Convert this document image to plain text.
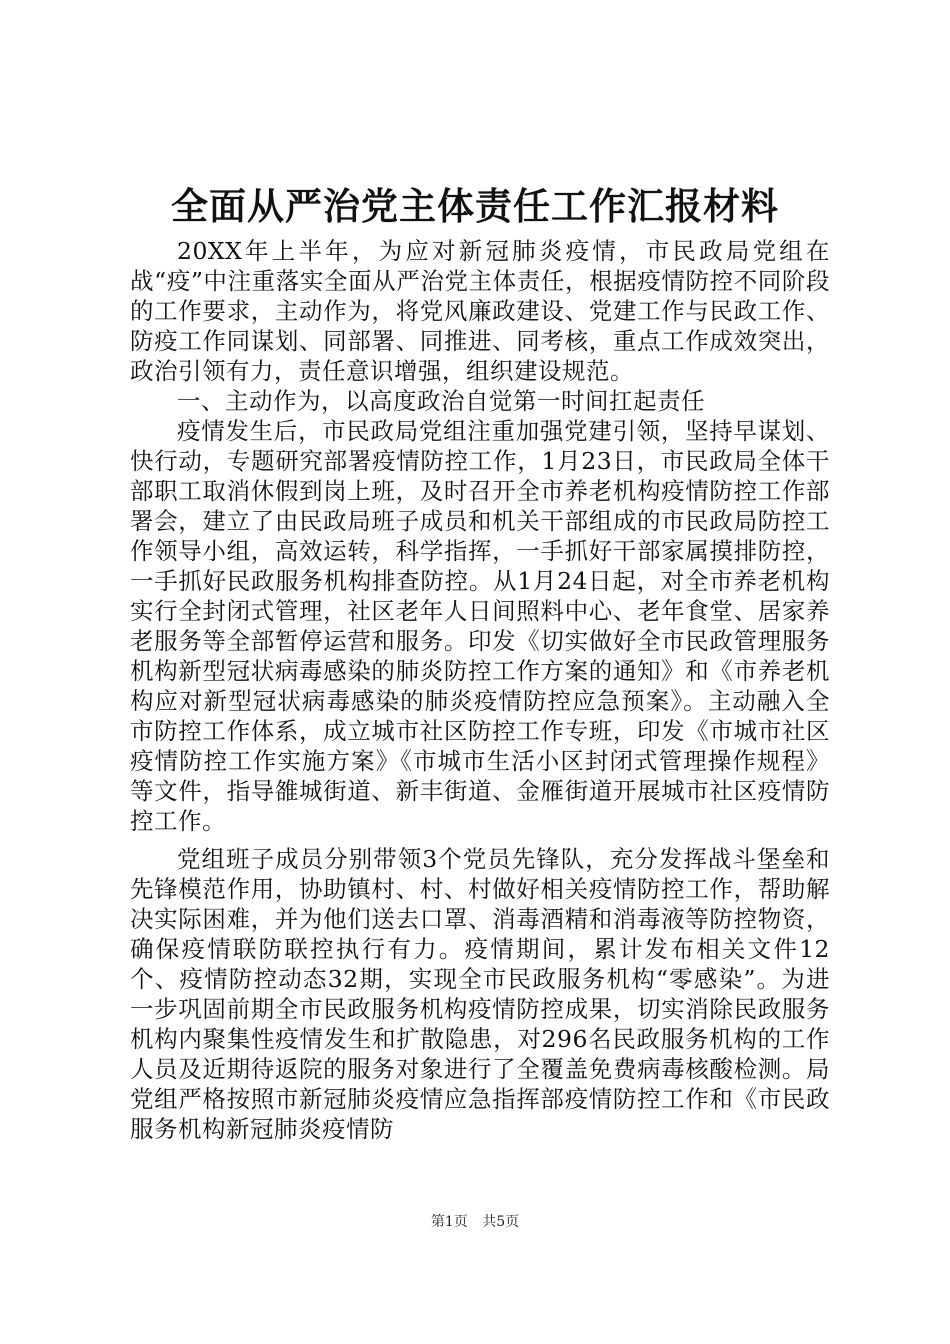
全面从严治党主体责任工作汇报材料

20XX年上半年，为应对新冠肺炎疫情，市民政局党组在战“疫”中注重落实全面从严治党主体责任，根据疫情防控不同阶段的工作要求，主动作为，将党风廉政建设、党建工作与民政工作、防疫工作同谋划、同部署、同推进、同考核，重点工作成效突出，政治引领有力，责任意识增强，组织建设规范。

一、主动作为，以高度政治自觉第一时间扛起责任

疫情发生后，市民政局党组注重加强党建引领，坚持早谋划、快行动，专题研究部署疫情防控工作，1月23日，市民政局全体干部职工取消休假到岗上班，及时召开全市养老机构疫情防控工作部署会，建立了由民政局班子成员和机关干部组成的市民政局防控工作领导小组，高效运转，科学指挥，一手抓好干部家属摸排防控，一手抓好民政服务机构排查防控。从1月24日起，对全市养老机构实行全封闭式管理，社区老年人日间照料中心、老年食堂、居家养老服务等全部暂停运营和服务。印发《切实做好全市民政管理服务机构新型冠状病毒感染的肺炎防控工作方案的通知》和《市养老机构应对新型冠状病毒感染的肺炎疫情防控应急预案》。主动融入全市防控工作体系，成立城市社区防控工作专班，印发《市城市社区疫情防控工作实施方案》《市城市生活小区封闭式管理操作规程》等文件，指导雒城街道、新丰街道、金雁街道开展城市社区疫情防控工作。

党组班子成员分别带领3个党员先锋队，充分发挥战斗堡垒和先锋模范作用，协助镇村、村、村做好相关疫情防控工作，帮助解决实际困难，并为他们送去口罩、消毒酒精和消毒液等防控物资，确保疫情联防联控执行有力。疫情期间，累计发布相关文件12个、疫情防控动态32期，实现全市民政服务机构“零感染”。为进一步巩固前期全市民政服务机构疫情防控成果，切实消除民政服务机构内聚集性疫情发生和扩散隐患，对296名民政服务机构的工作人员及近期待返院的服务对象进行了全覆盖免费病毒核酸检测。局党组严格按照市新冠肺炎疫情应急指挥部疫情防控工作和《市民政服务机构新冠肺炎疫情防

第1页 共5页
